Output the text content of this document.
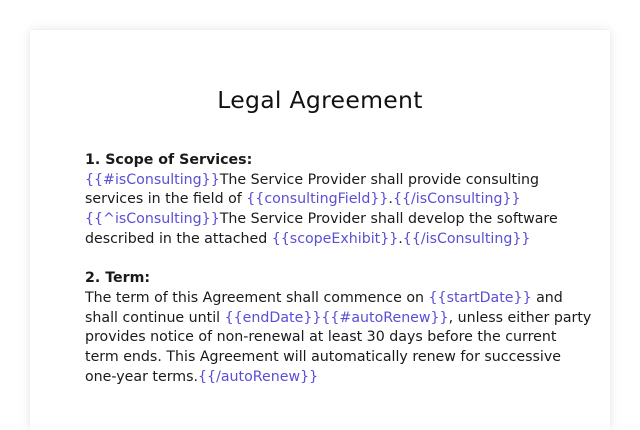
Legal Agreement

1. Scope of Services:

{{#isConsulting}}The Service Provider shall provide consulting
services in the field of {{consultingField}}.{{/isConsulting}}
{{^isConsulting}}The Service Provider shall develop the software
described in the attached {{scopeExhibit}}.{{/isConsulting}}

2. Term:

The term of this Agreement shall commence on {{startDate}} and
shall continue until {{endDate}}{{#autoRenew}}, unless either party
provides notice of non-renewal at least 30 days before the current
term ends. This Agreement will automatically renew for successive
one-year terms.{{/autoRenew}}
